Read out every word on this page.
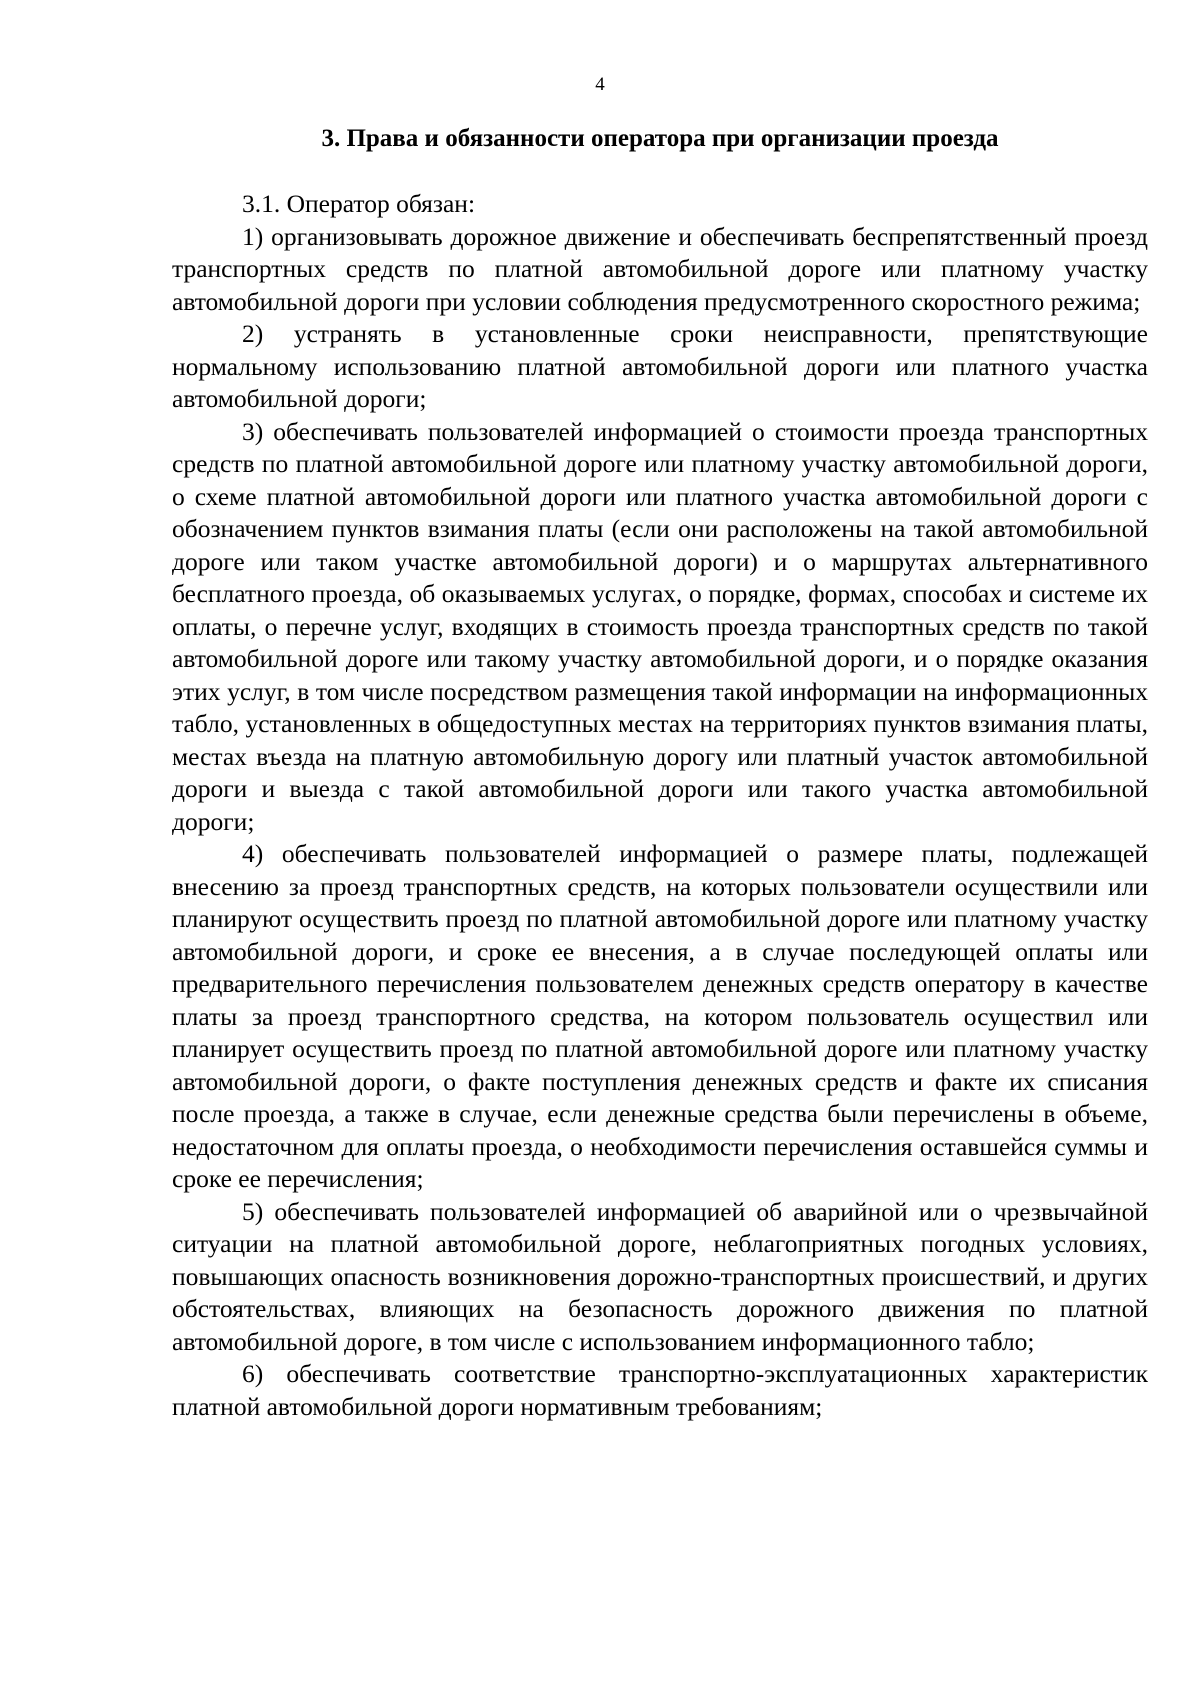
4
3. Права и обязанности оператора при организации проезда

3.1. Оператор обязан:

1) организовывать дорожное движение и обеспечивать беспрепятственный проезд транспортных средств по платной автомобильной дороге или платному участку автомобильной дороги при условии соблюдения предусмотренного скоростного режима;

2) устранять в установленные сроки неисправности, препятствующие нормальному использованию платной автомобильной дороги или платного участка автомобильной дороги;

3) обеспечивать пользователей информацией о стоимости проезда транспортных средств по платной автомобильной дороге или платному участку автомобильной дороги, о схеме платной автомобильной дороги или платного участка автомобильной дороги с обозначением пунктов взимания платы (если они расположены на такой автомобильной дороге или таком участке автомобильной дороги) и о маршрутах альтернативного бесплатного проезда, об оказываемых услугах, о порядке, формах, способах и системе их оплаты, о перечне услуг, входящих в стоимость проезда транспортных средств по такой автомобильной дороге или такому участку автомобильной дороги, и о порядке оказания этих услуг, в том числе посредством размещения такой информации на информационных табло, установленных в общедоступных местах на территориях пунктов взимания платы, местах въезда на платную автомобильную дорогу или платный участок автомобильной дороги и выезда с такой автомобильной дороги или такого участка автомобильной дороги;

4) обеспечивать пользователей информацией о размере платы, подлежащей внесению за проезд транспортных средств, на которых пользователи осуществили или планируют осуществить проезд по платной автомобильной дороге или платному участку автомобильной дороги, и сроке ее внесения, а в случае последующей оплаты или предварительного перечисления пользователем денежных средств оператору в качестве платы за проезд транспортного средства, на котором пользователь осуществил или планирует осуществить проезд по платной автомобильной дороге или платному участку автомобильной дороги, о факте поступления денежных средств и факте их списания после проезда, а также в случае, если денежные средства были перечислены в объеме, недостаточном для оплаты проезда, о необходимости перечисления оставшейся суммы и сроке ее перечисления;

5) обеспечивать пользователей информацией об аварийной или о чрезвычайной ситуации на платной автомобильной дороге, неблагоприятных погодных условиях, повышающих опасность возникновения дорожно-транспортных происшествий, и других обстоятельствах, влияющих на безопасность дорожного движения по платной автомобильной дороге, в том числе с использованием информационного табло;

6) обеспечивать соответствие транспортно-эксплуатационных характеристик платной автомобильной дороги нормативным требованиям;
